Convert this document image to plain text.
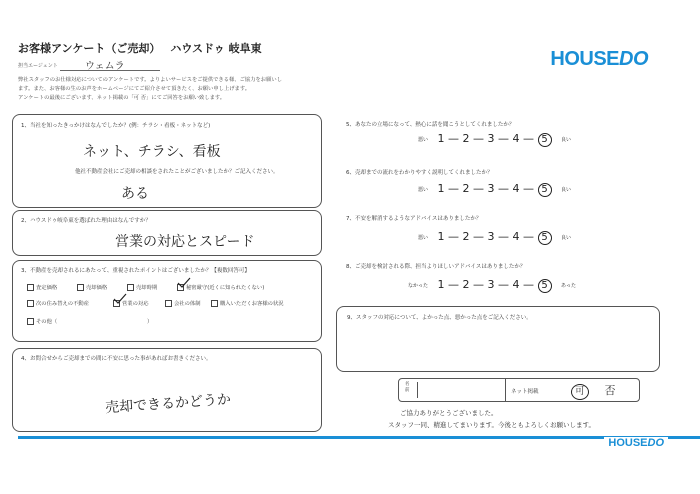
お客様アンケート（ご売却） ハウスドゥ 岐阜東
担当エージェント	ウェムラ	HOUSEDO
弊社スタッフのお仕様対応についてのアンケートです。よりよいサービスをご提供できる様、ご協力をお願いし
ます。また、お客様の生のお声をホームページにてご紹介させて頂きたく、お願い申し上げます。
アンケートの最後にございます、ネット掲載の「可 否」にてご回答をお願い致します。
1、当社を知ったきっかけはなんでしたか？(例：チラシ・看板・ネットなど)
ネット、チラシ、看板
他社不動産会社にご売却の相談をされたことがございましたか？ご記入ください。
ある
2、ハウスドゥ岐阜東を選ばれた理由はなんですか？
営業の対応とスピード
3、不動産を売却されるにあたって、重視されたポイントはございましたか？【複数回答可】
査定価格	売却価格	売却時期	秘密厳守(近くに知られたくない)
次の住み替えの不動産	営業の対応	会社の体制	購入いただくお客様の状況
その他（	）
4、お問合せからご売却までの間に不安に思った事があればお書きください。
売却できるかどうか
5、あなたの立場になって、熱心に話を聞こうとしてくれましたか？
悪い 1 — 2 — 3 — 4 — 5	良い
6、売却までの流れをわかりやすく説明してくれましたか？
悪い 1 — 2 — 3 — 4 — 5	良い
7、不安を解消するようなアドバイスはありましたか？
悪い 1 — 2 — 3 — 4 — 5	良い
8、ご売却を検討される際、担当よりほしいアドバイスはありましたか？
なかった 1 — 2 — 3 — 4 — 5	あった
9、スタッフの対応について、よかった点、悪かった点をご記入ください。
名前	ネット掲載	可 否
ご協力ありがとうございました。
スタッフ一同、精進してまいります。今後ともよろしくお願いします。
HOUSEDO
